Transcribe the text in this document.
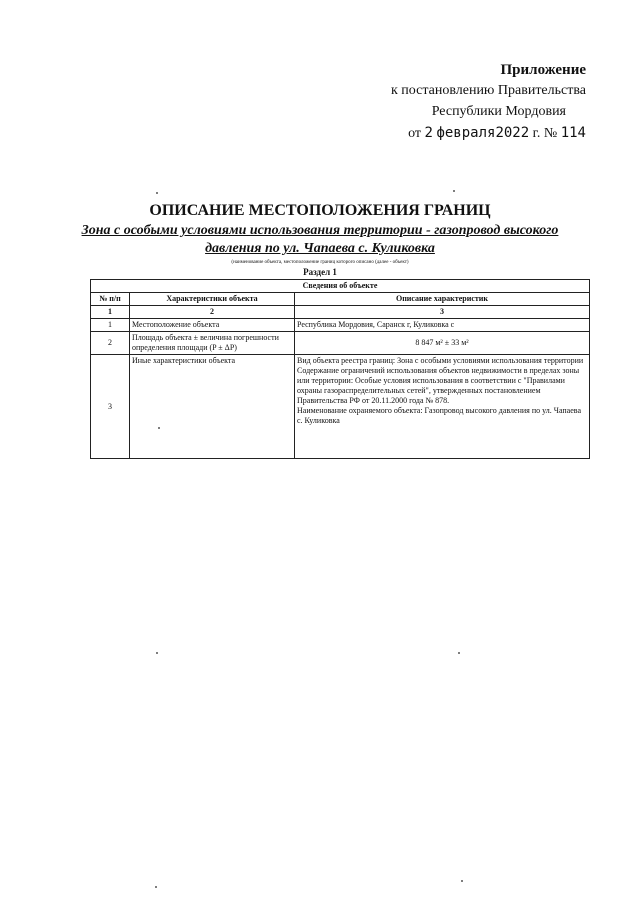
Приложение
к постановлению Правительства
Республики Мордовия
от 2 февраля2022 г. № 114
ОПИСАНИЕ МЕСТОПОЛОЖЕНИЯ ГРАНИЦ
Зона с особыми условиями использования территории - газопровод высокого
давления по ул. Чапаева с. Куликовка
(наименование объекта, местоположение границ которого описано (далее - объект)
Раздел 1
Сведения об объекте		
№ п/п	Характеристики объекта	Описание характеристик
1	2	3
1	Местоположение объекта	Республика Мордовия, Саранск г, Куликовка с
2	Площадь объекта ± величина погрешности определения площади (P ± ΔP)	8 847 м² ± 33 м²
3	Иные характеристики объекта	Вид объекта реестра границ: Зона с особыми условиями использования территории

Содержание ограничений использования объектов недвижимости в пределах зоны или территории: Особые условия использования в соответствии с "Правилами охраны газораспределительных сетей", утвержденных постановлением Правительства РФ от 20.11.2000 года № 878.

Наименование охраняемого объекта: Газопровод высокого давления по ул. Чапаева с. Куликовка
